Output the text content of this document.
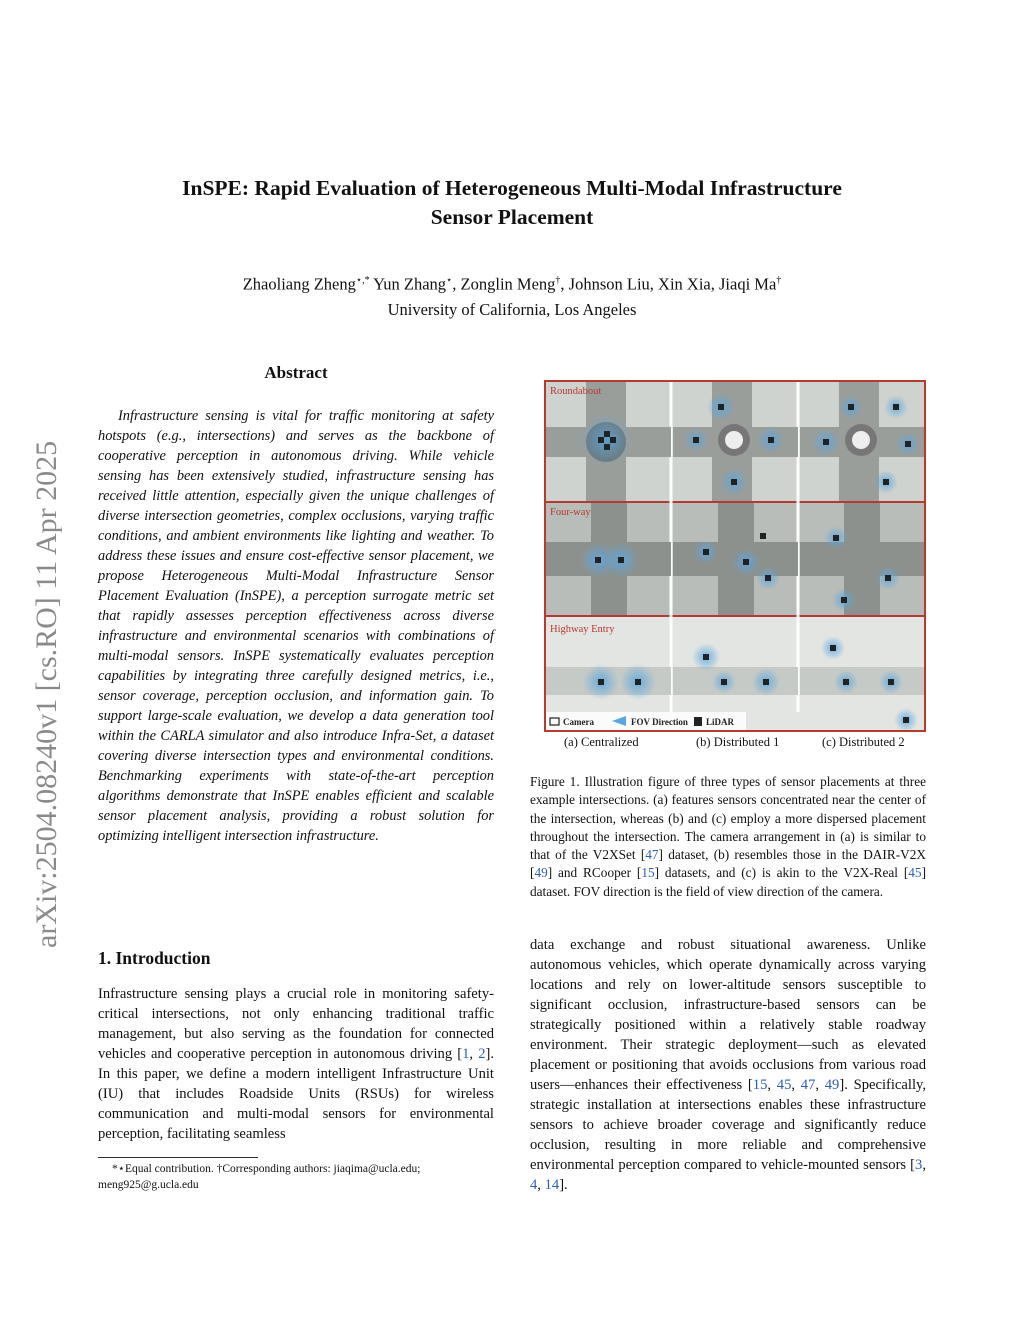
arXiv:2504.08240v1 [cs.RO] 11 Apr 2025
InSPE: Rapid Evaluation of Heterogeneous Multi-Modal Infrastructure Sensor Placement
Zhaoliang Zheng⋆,* Yun Zhang⋆, Zonglin Meng†, Johnson Liu, Xin Xia, Jiaqi Ma†
University of California, Los Angeles
Abstract
Infrastructure sensing is vital for traffic monitoring at safety hotspots (e.g., intersections) and serves as the backbone of cooperative perception in autonomous driving. While vehicle sensing has been extensively studied, infrastructure sensing has received little attention, especially given the unique challenges of diverse intersection geometries, complex occlusions, varying traffic conditions, and ambient environments like lighting and weather. To address these issues and ensure cost-effective sensor placement, we propose Heterogeneous Multi-Modal Infrastructure Sensor Placement Evaluation (InSPE), a perception surrogate metric set that rapidly assesses perception effectiveness across diverse infrastructure and environmental scenarios with combinations of multi-modal sensors. InSPE systematically evaluates perception capabilities by integrating three carefully designed metrics, i.e., sensor coverage, perception occlusion, and information gain. To support large-scale evaluation, we develop a data generation tool within the CARLA simulator and also introduce Infra-Set, a dataset covering diverse intersection types and environmental conditions. Benchmarking experiments with state-of-the-art perception algorithms demonstrate that InSPE enables efficient and scalable sensor placement analysis, providing a robust solution for optimizing intelligent intersection infrastructure.
1. Introduction
Infrastructure sensing plays a crucial role in monitoring safety-critical intersections, not only enhancing traditional traffic management, but also serving as the foundation for connected vehicles and cooperative perception in autonomous driving [1, 2]. In this paper, we define a modern intelligent Infrastructure Unit (IU) that includes Roadside Units (RSUs) for wireless communication and multi-modal sensors for environmental perception, facilitating seamless
*⋆Equal contribution. †Corresponding authors: jiaqima@ucla.edu;
meng925@g.ucla.edu
Roundabout
Four-way
Highway Entry
Camera	FOV Direction LiDAR
(a) Centralized	(b) Distributed 1	(c) Distributed 2
Figure 1. Illustration figure of three types of sensor placements at three example intersections. (a) features sensors concentrated near the center of the intersection, whereas (b) and (c) employ a more dispersed placement throughout the intersection. The camera arrangement in (a) is similar to that of the V2XSet [47] dataset, (b) resembles those in the DAIR-V2X [49] and RCooper [15] datasets, and (c) is akin to the V2X-Real [45] dataset. FOV direction is the field of view direction of the camera.
data exchange and robust situational awareness. Unlike autonomous vehicles, which operate dynamically across varying locations and rely on lower-altitude sensors susceptible to significant occlusion, infrastructure-based sensors can be strategically positioned within a relatively stable roadway environment. Their strategic deployment—such as elevated placement or positioning that avoids occlusions from various road users—enhances their effectiveness [15, 45, 47, 49]. Specifically, strategic installation at intersections enables these infrastructure sensors to achieve broader coverage and significantly reduce occlusion, resulting in more reliable and comprehensive environmental perception compared to vehicle-mounted sensors [3, 4, 14].
